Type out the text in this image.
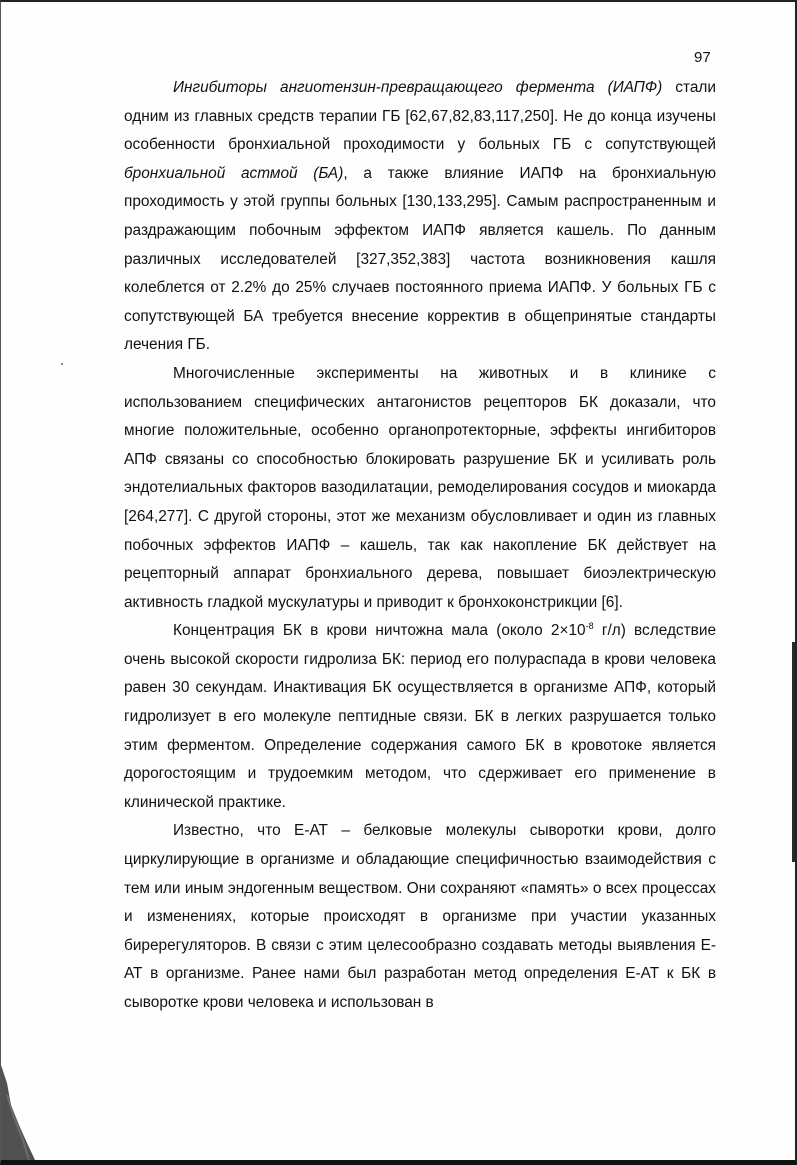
97

Ингибиторы ангиотензин-превращающего фермента (ИАПФ) стали одним из главных средств терапии ГБ [62,67,82,83,117,250]. Не до конца изучены особенности бронхиальной проходимости у больных ГБ с сопутствующей бронхиальной астмой (БА), а также влияние ИАПФ на бронхиальную проходимость у этой группы больных [130,133,295]. Самым распространенным и раздражающим побочным эффектом ИАПФ является кашель. По данным различных исследователей [327,352,383] частота возникновения кашля колеблется от 2.2% до 25% случаев постоянного приема ИАПФ. У больных ГБ с сопутствующей БА требуется внесение корректив в общепринятые стандарты лечения ГБ.

Многочисленные эксперименты на животных и в клинике с использованием специфических антагонистов рецепторов БК доказали, что многие положительные, особенно органопротекторные, эффекты ингибиторов АПФ связаны со способностью блокировать разрушение БК и усиливать роль эндотелиальных факторов вазодилатации, ремоделирования сосудов и миокарда [264,277]. С другой стороны, этот же механизм обусловливает и один из главных побочных эффектов ИАПФ – кашель, так как накопление БК действует на рецепторный аппарат бронхиального дерева, повышает биоэлектрическую активность гладкой мускулатуры и приводит к бронхоконстрикции [6].

Концентрация БК в крови ничтожна мала (около $2\times 10^{-8}$ г/л) вследствие очень высокой скорости гидролиза БК: период его полураспада в крови человека равен 30 секундам. Инактивация БК осуществляется в организме АПФ, который гидролизует в его молекуле пептидные связи. БК в легких разрушается только этим ферментом. Определение содержания самого БК в кровотоке является дорогостоящим и трудоемким методом, что сдерживает его применение в клинической практике.

Известно, что Е-АТ – белковые молекулы сыворотки крови, долго циркулирующие в организме и обладающие специфичностью взаимодействия с тем или иным эндогенным веществом. Они сохраняют «память» о всех процессах и изменениях, которые происходят в организме при участии указанных биререгуляторов. В связи с этим целесообразно создавать методы выявления Е-АТ в организме. Ранее нами был разработан метод определения Е-АТ к БК в сыворотке крови человека и использован в
